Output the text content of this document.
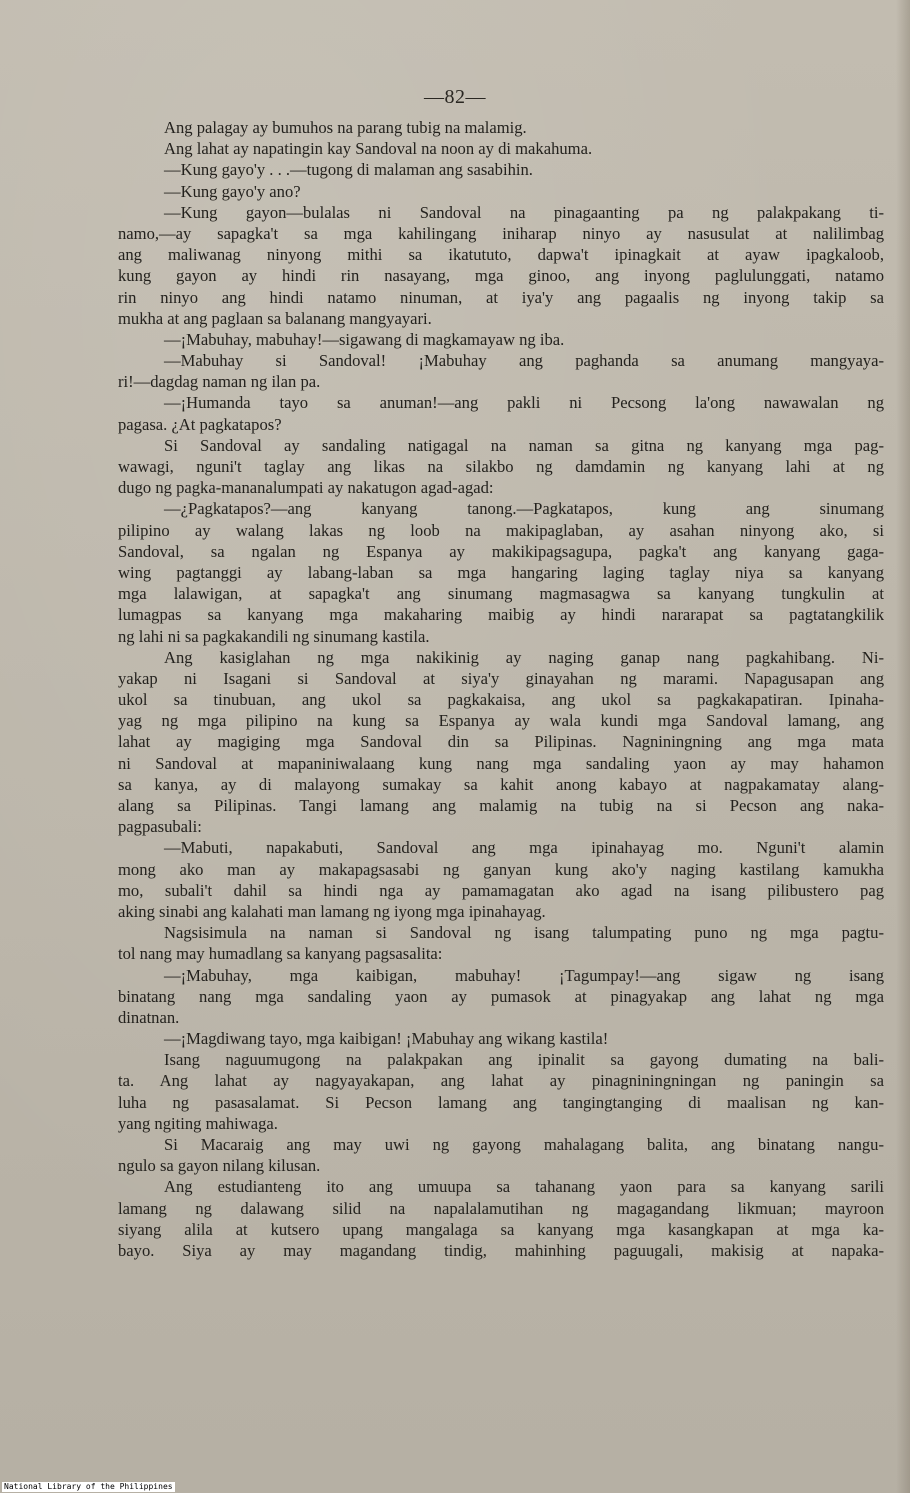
—82—
Ang palagay ay bumuhos na parang tubig na malamig.
Ang lahat ay napatingin kay Sandoval na noon ay di makahuma.
—Kung gayo'y . . .—tugong di malaman ang sasabihin.
—Kung gayo'y ano?
—Kung gayon—bulalas ni Sandoval na pinagaanting pa ng palakpakang ti-
namo,—ay sapagka't sa mga kahilingang iniharap ninyo ay nasusulat at nalilimbag
ang maliwanag ninyong mithi sa ikatututo, dapwa't ipinagkait at ayaw ipagkaloob,
kung gayon ay hindi rin nasayang, mga ginoo, ang inyong paglulunggati, natamo
rin ninyo ang hindi natamo ninuman, at iya'y ang pagaalis ng inyong takip sa
mukha at ang paglaan sa balanang mangyayari.
—¡Mabuhay, mabuhay!—sigawang di magkamayaw ng iba.
—Mabuhay si Sandoval! ¡Mabuhay ang paghanda sa anumang mangyaya-
ri!—dagdag naman ng ilan pa.
—¡Humanda tayo sa anuman!—ang pakli ni Pecsong la'ong nawawalan ng
pagasa. ¿At pagkatapos?
Si Sandoval ay sandaling natigagal na naman sa gitna ng kanyang mga pag-
wawagi, nguni't taglay ang likas na silakbo ng damdamin ng kanyang lahi at ng
dugo ng pagka-mananalumpati ay nakatugon agad-agad:
—¿Pagkatapos?—ang kanyang tanong.—Pagkatapos, kung ang sinumang
pilipino ay walang lakas ng loob na makipaglaban, ay asahan ninyong ako, si
Sandoval, sa ngalan ng Espanya ay makikipagsagupa, pagka't ang kanyang gaga-
wing pagtanggi ay labang-laban sa mga hangaring laging taglay niya sa kanyang
mga lalawigan, at sapagka't ang sinumang magmasagwa sa kanyang tungkulin at
lumagpas sa kanyang mga makaharing maibig ay hindi nararapat sa pagtatangkilik
ng lahi ni sa pagkakandili ng sinumang kastila.
Ang kasiglahan ng mga nakikinig ay naging ganap nang pagkahibang. Ni-
yakap ni Isagani si Sandoval at siya'y ginayahan ng marami. Napagusapan ang
ukol sa tinubuan, ang ukol sa pagkakaisa, ang ukol sa pagkakapatiran. Ipinaha-
yag ng mga pilipino na kung sa Espanya ay wala kundi mga Sandoval lamang, ang
lahat ay magiging mga Sandoval din sa Pilipinas. Nagniningning ang mga mata
ni Sandoval at mapaniniwalaang kung nang mga sandaling yaon ay may hahamon
sa kanya, ay di malayong sumakay sa kahit anong kabayo at nagpakamatay alang-
alang sa Pilipinas. Tangi lamang ang malamig na tubig na si Pecson ang naka-
pagpasubali:
—Mabuti, napakabuti, Sandoval ang mga ipinahayag mo. Nguni't alamin
mong ako man ay makapagsasabi ng ganyan kung ako'y naging kastilang kamukha
mo, subali't dahil sa hindi nga ay pamamagatan ako agad na isang pilibustero pag
aking sinabi ang kalahati man lamang ng iyong mga ipinahayag.
Nagsisimula na naman si Sandoval ng isang talumpating puno ng mga pagtu-
tol nang may humadlang sa kanyang pagsasalita:
—¡Mabuhay, mga kaibigan, mabuhay! ¡Tagumpay!—ang sigaw ng isang
binatang nang mga sandaling yaon ay pumasok at pinagyakap ang lahat ng mga
dinatnan.
—¡Magdiwang tayo, mga kaibigan! ¡Mabuhay ang wikang kastila!
Isang naguumugong na palakpakan ang ipinalit sa gayong dumating na bali-
ta. Ang lahat ay nagyayakapan, ang lahat ay pinagniningningan ng paningin sa
luha ng pasasalamat. Si Pecson lamang ang tangingtanging di maalisan ng kan-
yang ngiting mahiwaga.
Si Macaraig ang may uwi ng gayong mahalagang balita, ang binatang nangu-
ngulo sa gayon nilang kilusan.
Ang estudianteng ito ang umuupa sa tahanang yaon para sa kanyang sarili
lamang ng dalawang silid na napalalamutihan ng magagandang likmuan; mayroon
siyang alila at kutsero upang mangalaga sa kanyang mga kasangkapan at mga ka-
bayo. Siya ay may magandang tindig, mahinhing paguugali, makisig at napaka-
National Library of the Philippines
